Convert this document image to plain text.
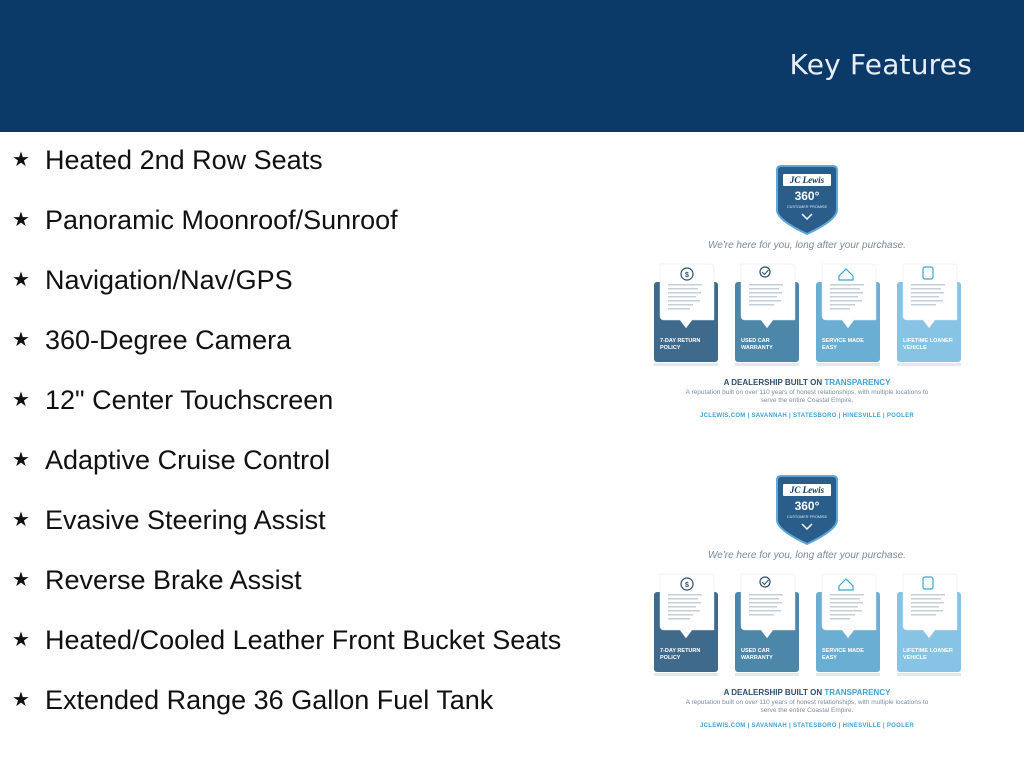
Key Features
★ Heated 2nd Row Seats
★ Panoramic Moonroof/Sunroof
★ Navigation/Nav/GPS
★ 360-Degree Camera
★ 12" Center Touchscreen
★ Adaptive Cruise Control
★ Evasive Steering Assist
★ Reverse Brake Assist
★ Heated/Cooled Leather Front Bucket Seats
★ Extended Range 36 Gallon Fuel Tank
JC Lewis
360°
CUSTOMER PROMISE
We're here for you, long after your purchase.
$
7-DAY RETURN POLICY
USED CAR WARRANTY
SERVICE MADE EASY
LIFETIME LOANER VEHICLE
A DEALERSHIP BUILT ON TRANSPARENCY
A reputation built on over 110 years of honest relationships, with multiple locations to serve the entire Coastal Empire.
JCLEWIS.COM | SAVANNAH | STATESBORO | HINESVILLE | POOLER
JC Lewis
360°
CUSTOMER PROMISE
We're here for you, long after your purchase.
$
7-DAY RETURN POLICY
USED CAR WARRANTY
SERVICE MADE EASY
LIFETIME LOANER VEHICLE
A DEALERSHIP BUILT ON TRANSPARENCY
A reputation built on over 110 years of honest relationships, with multiple locations to serve the entire Coastal Empire.
JCLEWIS.COM | SAVANNAH | STATESBORO | HINESVILLE | POOLER
